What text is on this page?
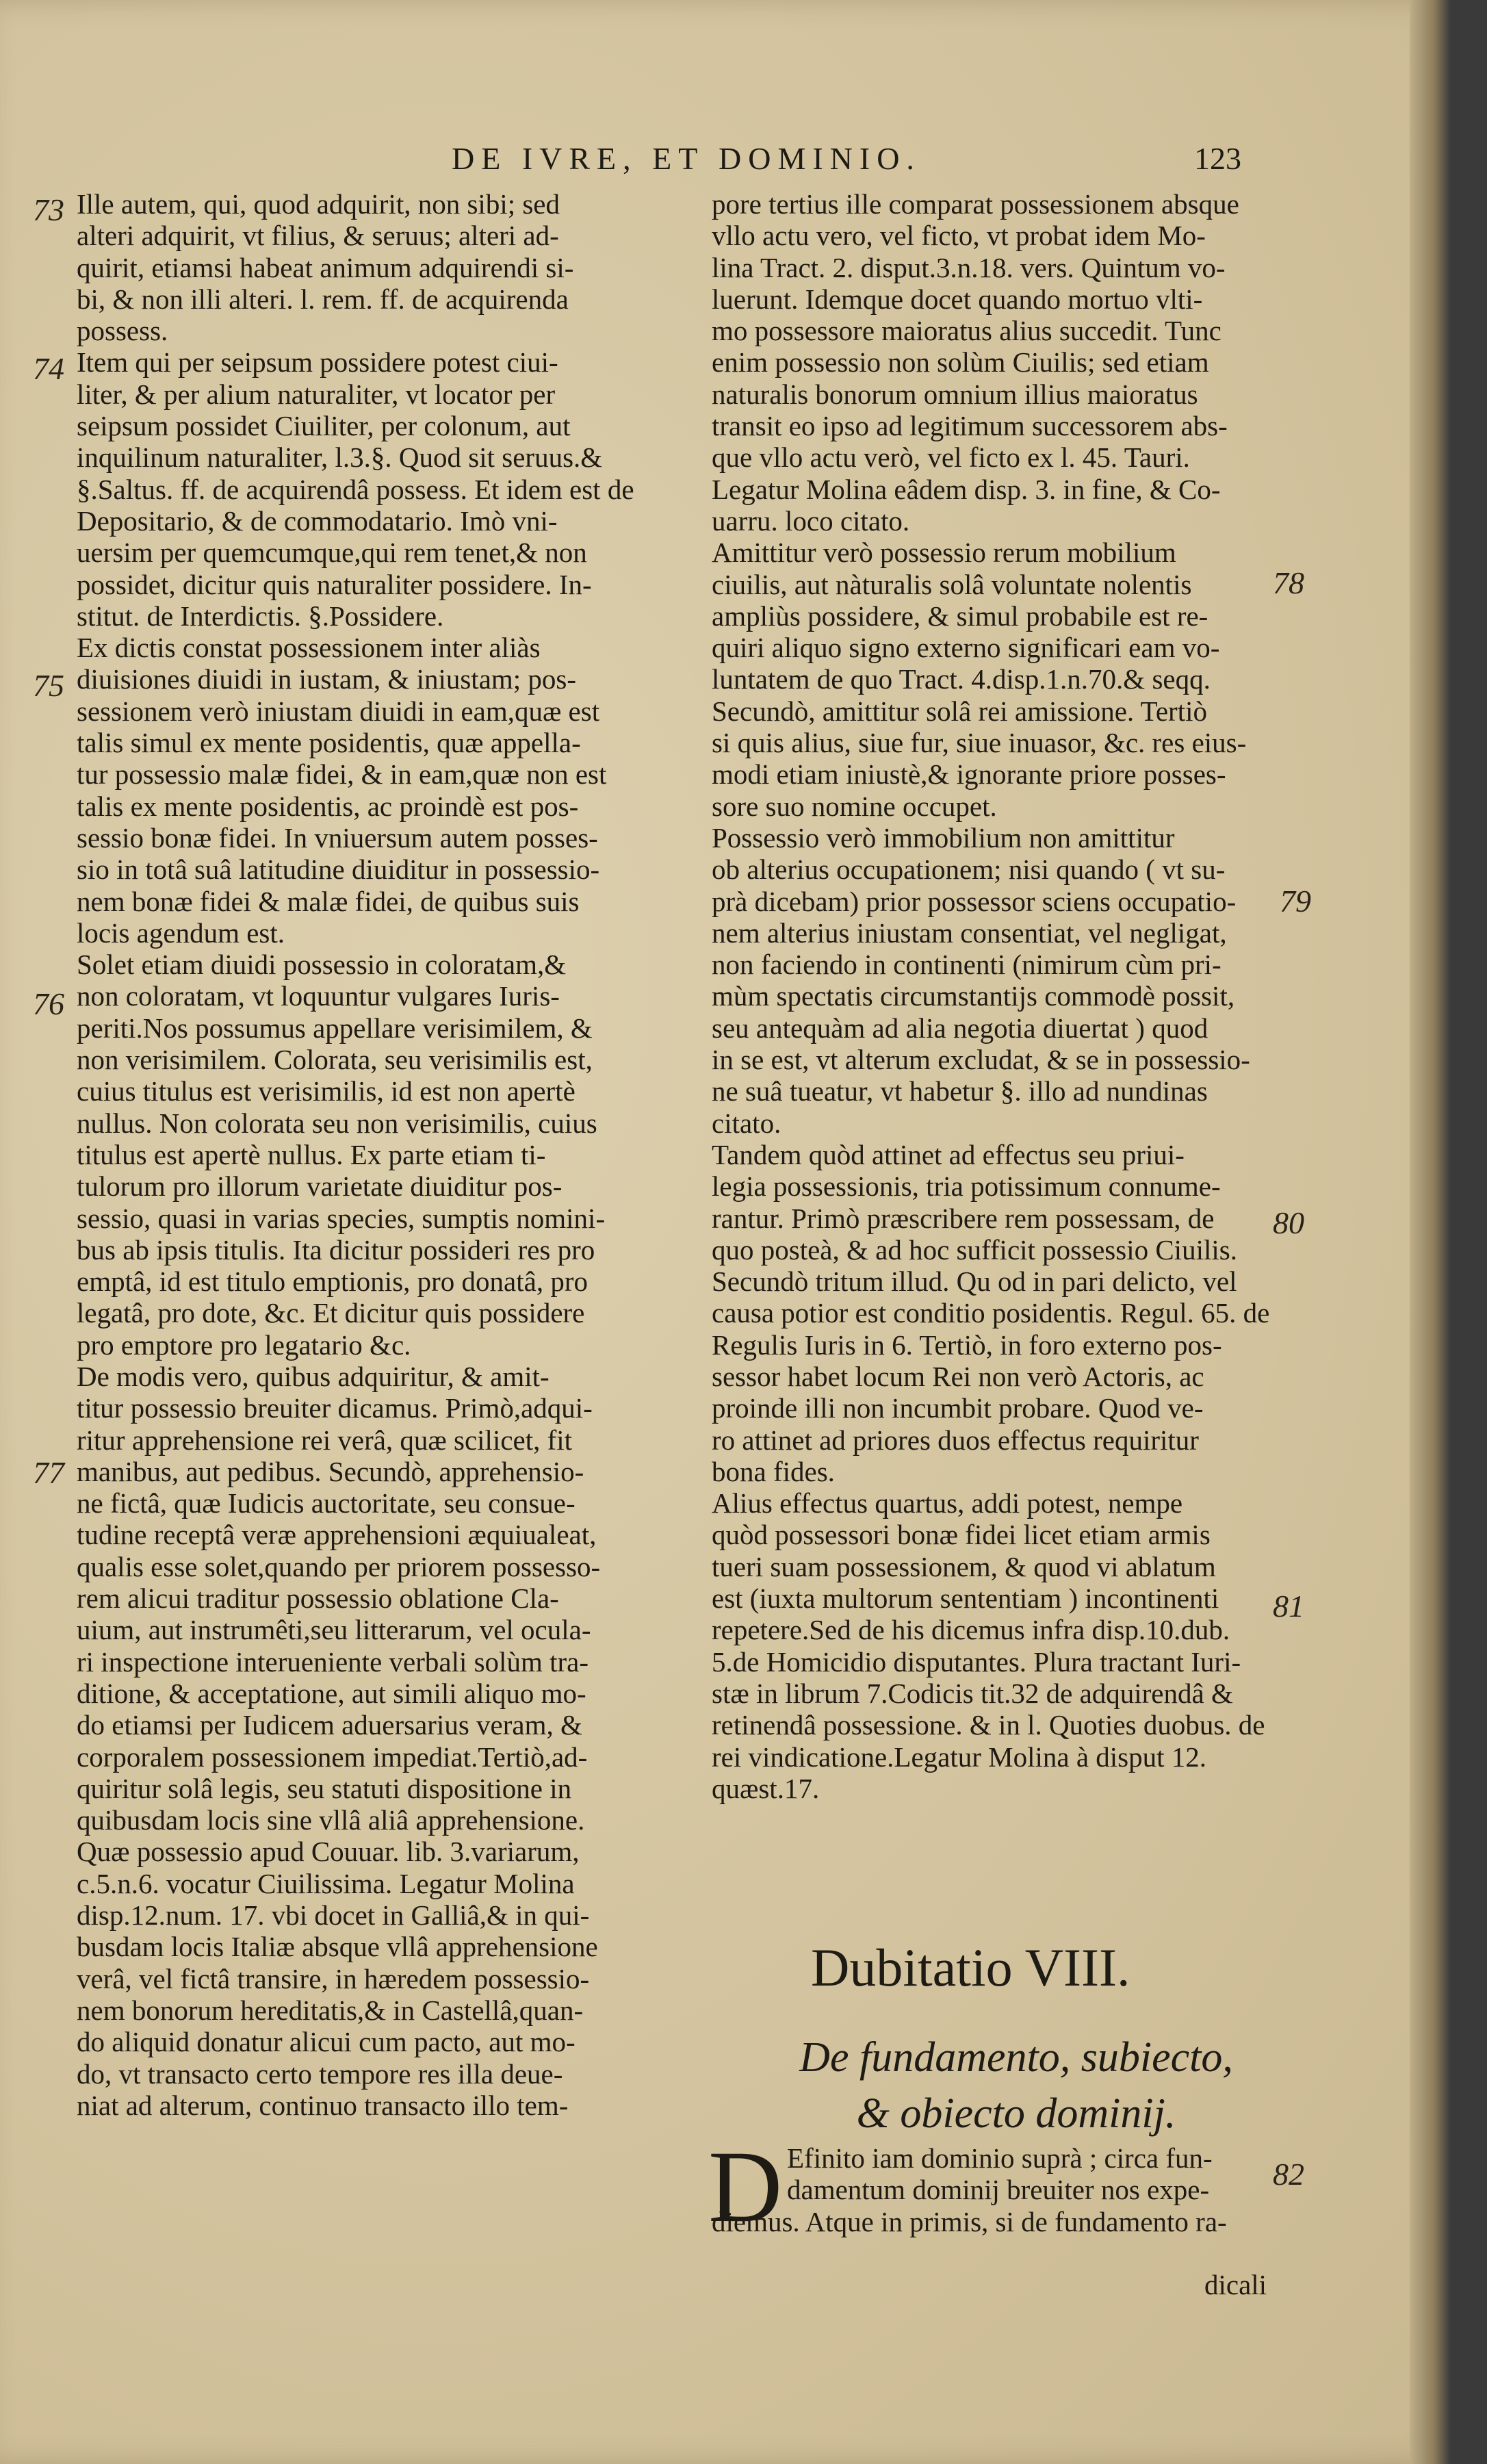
DE IVRE, ET DOMINIO.	123
73
74
75
76
77
78
79
80
81
82
Ille autem, qui, quod adquirit, non sibi; sed
alteri adquirit, vt filius, & seruus; alteri ad-
quirit, etiamsi habeat animum adquirendi si-
bi, & non illi alteri. l. rem. ff. de acquirenda
possess.
Item qui per seipsum possidere potest ciui-
liter, & per alium naturaliter, vt locator per
seipsum possidet Ciuiliter, per colonum, aut
inquilinum naturaliter, l.3.§. Quod sit seruus.&
§.Saltus. ff. de acquirendâ possess. Et idem est de
Depositario, & de commodatario. Imò vni-
uersim per quemcumque,qui rem tenet,& non
possidet, dicitur quis naturaliter possidere. In-
stitut. de Interdictis. §.Possidere.
Ex dictis constat possessionem inter aliàs
diuisiones diuidi in iustam, & iniustam; pos-
sessionem verò iniustam diuidi in eam,quæ est
talis simul ex mente posidentis, quæ appella-
tur possessio malæ fidei, & in eam,quæ non est
talis ex mente posidentis, ac proindè est pos-
sessio bonæ fidei. In vniuersum autem posses-
sio in totâ suâ latitudine diuiditur in possessio-
nem bonæ fidei & malæ fidei, de quibus suis
locis agendum est.
Solet etiam diuidi possessio in coloratam,&
non coloratam, vt loquuntur vulgares Iuris-
periti.Nos possumus appellare verisimilem, &
non verisimilem. Colorata, seu verisimilis est,
cuius titulus est verisimilis, id est non apertè
nullus. Non colorata seu non verisimilis, cuius
titulus est apertè nullus. Ex parte etiam ti-
tulorum pro illorum varietate diuiditur pos-
sessio, quasi in varias species, sumptis nomini-
bus ab ipsis titulis. Ita dicitur possideri res pro
emptâ, id est titulo emptionis, pro donatâ, pro
legatâ, pro dote, &c. Et dicitur quis possidere
pro emptore pro legatario &c.
De modis vero, quibus adquiritur, & amit-
titur possessio breuiter dicamus. Primò,adqui-
ritur apprehensione rei verâ, quæ scilicet, fit
manibus, aut pedibus. Secundò, apprehensio-
ne fictâ, quæ Iudicis auctoritate, seu consue-
tudine receptâ veræ apprehensioni æquiualeat,
qualis esse solet,quando per priorem possesso-
rem alicui traditur possessio oblatione Cla-
uium, aut instrumêti,seu litterarum, vel ocula-
ri inspectione interueniente verbali solùm tra-
ditione, & acceptatione, aut simili aliquo mo-
do etiamsi per Iudicem aduersarius veram, &
corporalem possessionem impediat.Tertiò,ad-
quiritur solâ legis, seu statuti dispositione in
quibusdam locis sine vllâ aliâ apprehensione.
Quæ possessio apud Couuar. lib. 3.variarum,
c.5.n.6. vocatur Ciuilissima. Legatur Molina
disp.12.num. 17. vbi docet in Galliâ,& in qui-
busdam locis Italiæ absque vllâ apprehensione
verâ, vel fictâ transire, in hæredem possessio-
nem bonorum hereditatis,& in Castellâ,quan-
do aliquid donatur alicui cum pacto, aut mo-
do, vt transacto certo tempore res illa deue-
niat ad alterum, continuo transacto illo tem-
pore tertius ille comparat possessionem absque
vllo actu vero, vel ficto, vt probat idem Mo-
lina Tract. 2. disput.3.n.18. vers. Quintum vo-
luerunt. Idemque docet quando mortuo vlti-
mo possessore maioratus alius succedit. Tunc
enim possessio non solùm Ciuilis; sed etiam
naturalis bonorum omnium illius maioratus
transit eo ipso ad legitimum successorem abs-
que vllo actu verò, vel ficto ex l. 45. Tauri.
Legatur Molina eâdem disp. 3. in fine, & Co-
uarru. loco citato.
Amittitur verò possessio rerum mobilium
ciuilis, aut nàturalis solâ voluntate nolentis
ampliùs possidere, & simul probabile est re-
quiri aliquo signo externo significari eam vo-
luntatem de quo Tract. 4.disp.1.n.70.& seqq.
Secundò, amittitur solâ rei amissione. Tertiò
si quis alius, siue fur, siue inuasor, &c. res eius-
modi etiam iniustè,& ignorante priore posses-
sore suo nomine occupet.
Possessio verò immobilium non amittitur
ob alterius occupationem; nisi quando ( vt su-
prà dicebam) prior possessor sciens occupatio-
nem alterius iniustam consentiat, vel negligat,
non faciendo in continenti (nimirum cùm pri-
mùm spectatis circumstantijs commodè possit,
seu antequàm ad alia negotia diuertat ) quod
in se est, vt alterum excludat, & se in possessio-
ne suâ tueatur, vt habetur §. illo ad nundinas
citato.
Tandem quòd attinet ad effectus seu priui-
legia possessionis, tria potissimum connume-
rantur. Primò præscribere rem possessam, de
quo posteà, & ad hoc sufficit possessio Ciuilis.
Secundò tritum illud. Qu od in pari delicto, vel
causa potior est conditio posidentis. Regul. 65. de
Regulis Iuris in 6. Tertiò, in foro externo pos-
sessor habet locum Rei non verò Actoris, ac
proinde illi non incumbit probare. Quod ve-
ro attinet ad priores duos effectus requiritur
bona fides.
Alius effectus quartus, addi potest, nempe
quòd possessori bonæ fidei licet etiam armis
tueri suam possessionem, & quod vi ablatum
est (iuxta multorum sententiam ) incontinenti
repetere.Sed de his dicemus infra disp.10.dub.
5.de Homicidio disputantes. Plura tractant Iuri-
stæ in librum 7.Codicis tit.32 de adquirendâ &
retinendâ possessione. & in l. Quoties duobus. de
rei vindicatione.Legatur Molina à disput 12.
quæst.17.
Dubitatio VIII.
De fundamento, subiecto,
& obiecto dominij.
D Efinito iam dominio suprà ; circa fun-
damentum dominij breuiter nos expe-
diemus. Atque in primis, si de fundamento ra-
dicali
